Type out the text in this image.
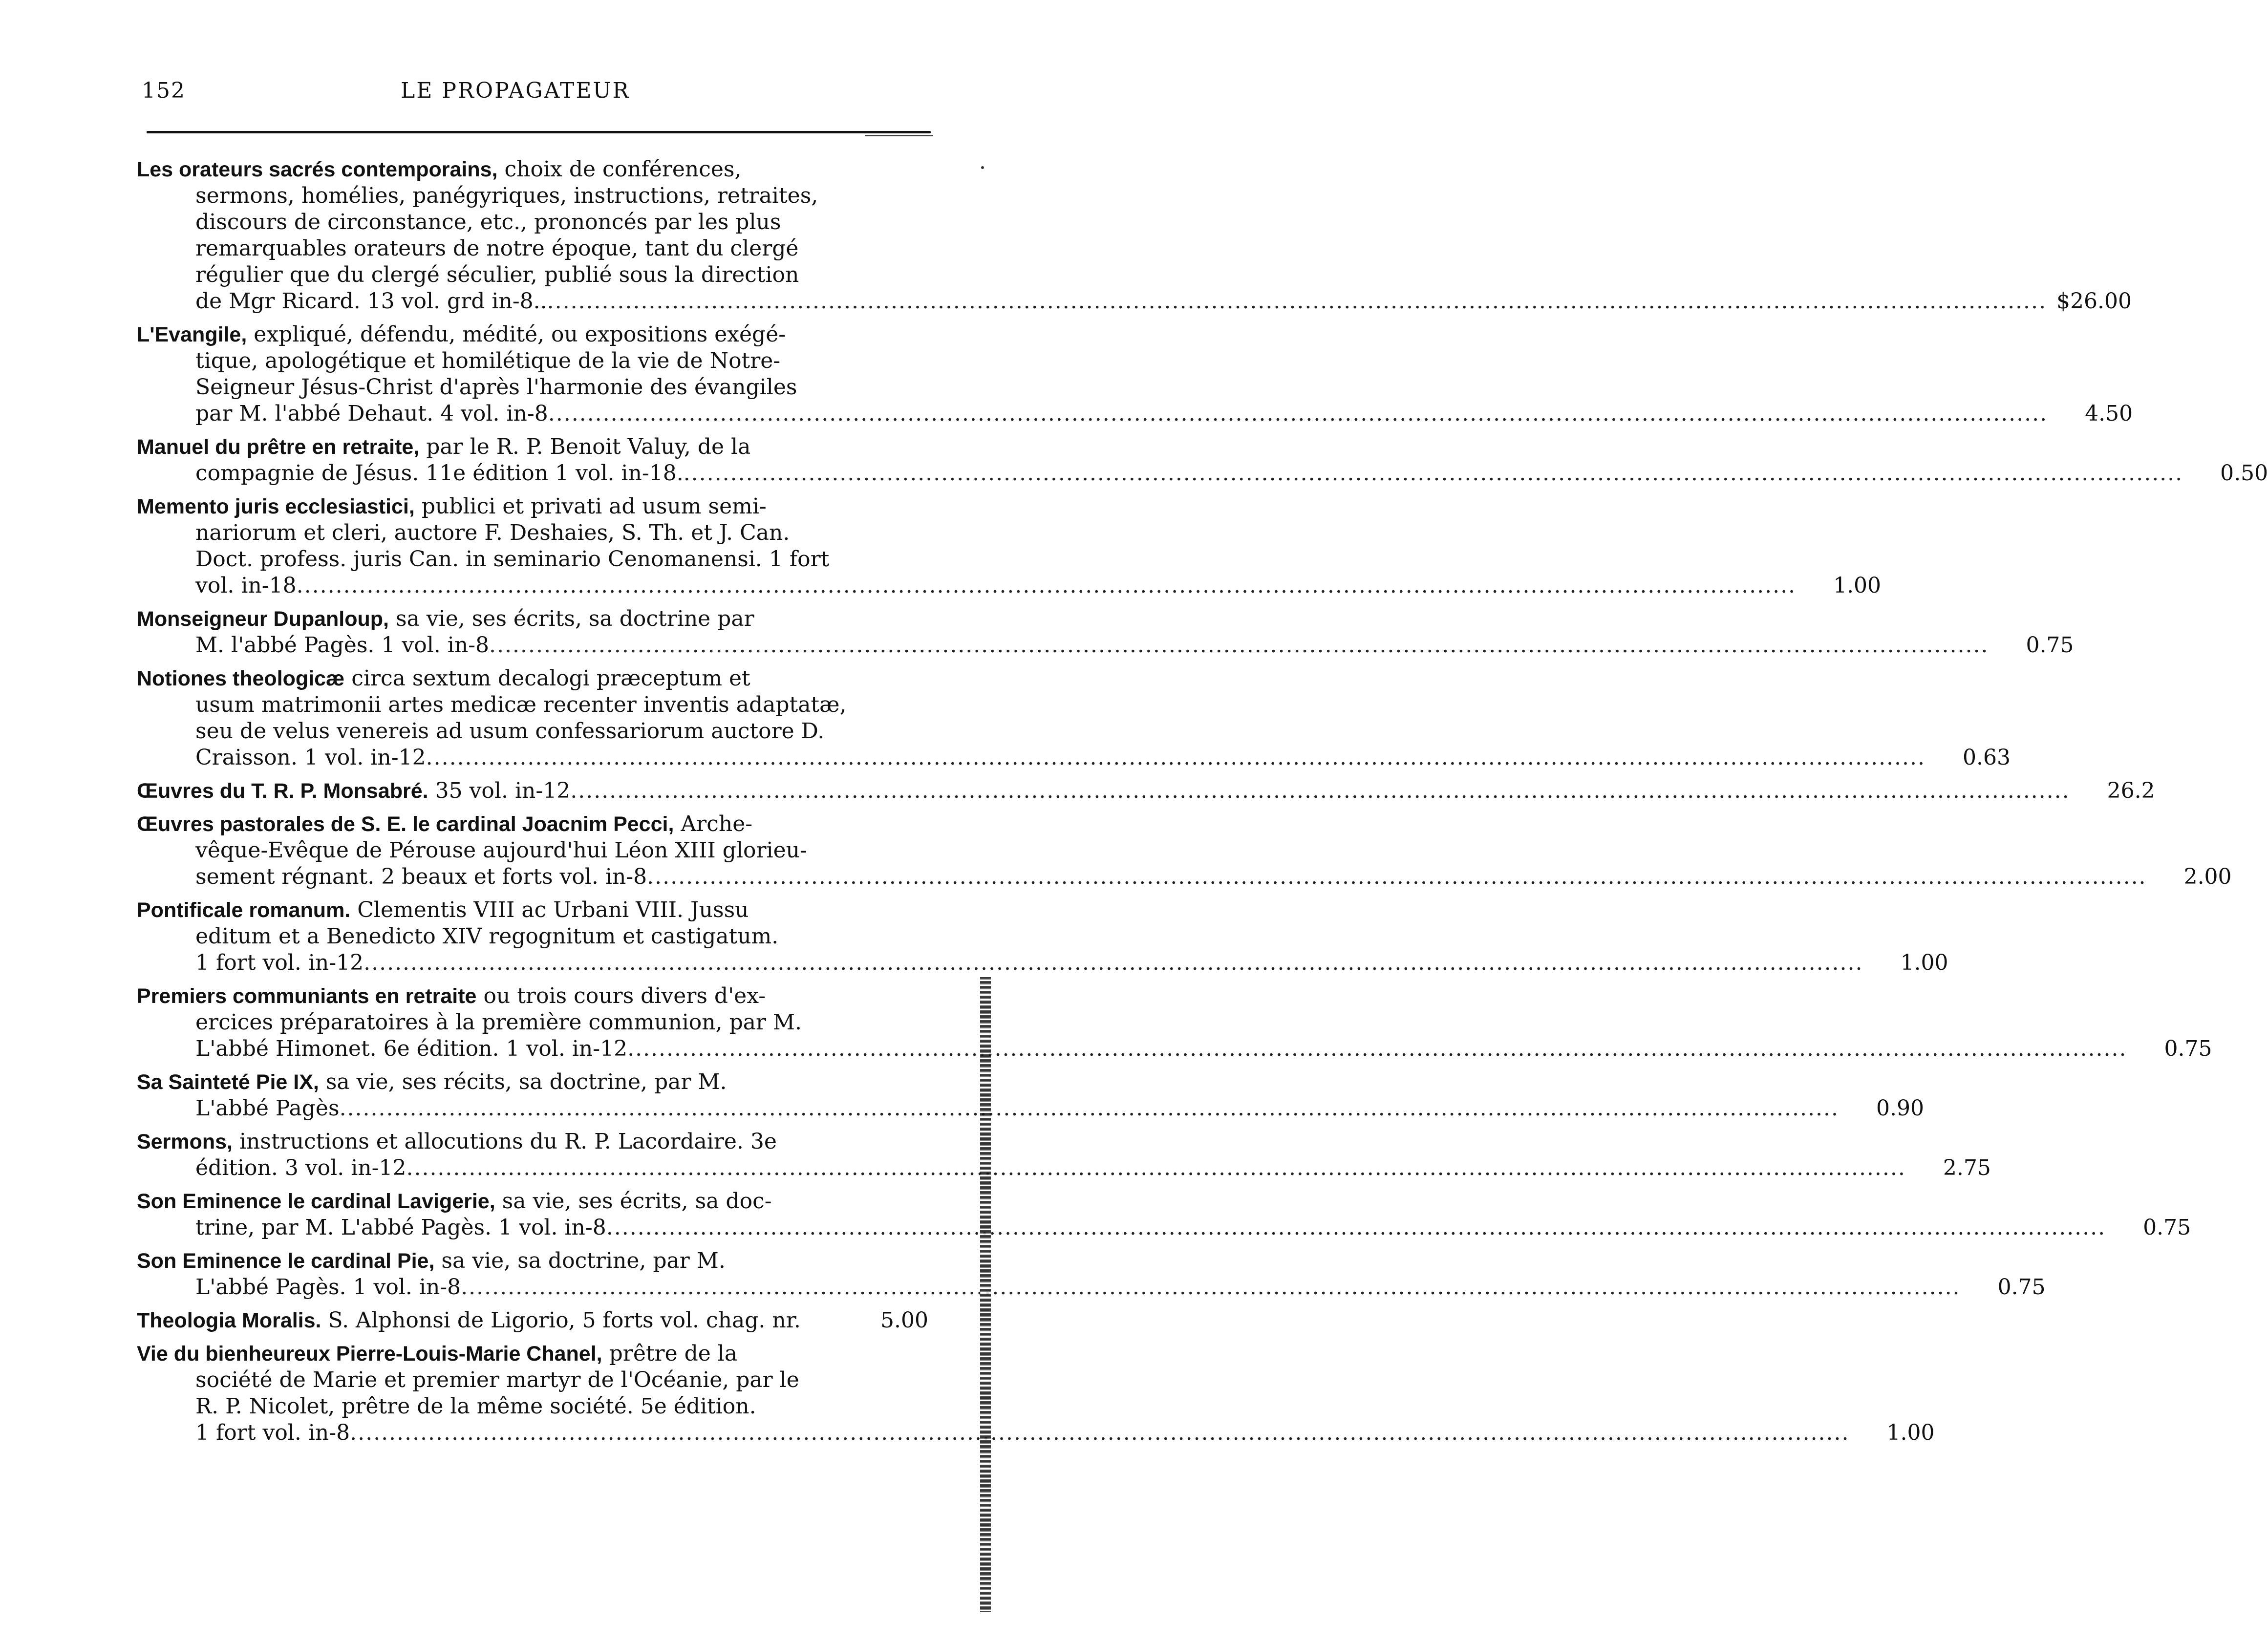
152	LE PROPAGATEUR
Les orateurs sacrés contemporains, choix de conférences,
sermons, homélies, panégyriques, instructions, retraites,
discours de circonstance, etc., prononcés par les plus
remarquables orateurs de notre époque, tant du clergé
régulier que du clergé séculier, publié sous la direction
de Mgr Ricard. 13 vol. grd in-8.. .....	$26.00
L'Evangile, expliqué, défendu, médité, ou expositions exégé-
tique, apologétique et homilétique de la vie de Notre-
Seigneur Jésus-Christ d'après l'harmonie des évangiles
par M. l'abbé Dehaut. 4 vol. in-8 .....	4.50
Manuel du prêtre en retraite, par le R. P. Benoit Valuy, de la
compagnie de Jésus. 11e édition 1 vol. in-18. .....	0.50
Memento juris ecclesiastici, publici et privati ad usum semi-
nariorum et cleri, auctore F. Deshaies, S. Th. et J. Can.
Doct. profess. juris Can. in seminario Cenomanensi. 1 fort
vol. in-18 .....	1.00
Monseigneur Dupanloup, sa vie, ses écrits, sa doctrine par
M. l'abbé Pagès. 1 vol. in-8 .....	0.75
Notiones theologicæ circa sextum decalogi præceptum et
usum matrimonii artes medicæ recenter inventis adaptatæ,
seu de velus venereis ad usum confessariorum auctore D.
Craisson. 1 vol. in-12 .....	0.63
Œuvres du T. R. P. Monsabré. 35 vol. in-12 .....	26.2
Œuvres pastorales de S. E. le cardinal Joacnim Pecci, Arche-
vêque-Evêque de Pérouse aujourd'hui Léon XIII glorieu-
sement régnant. 2 beaux et forts vol. in-8 .....	2.00
Pontificale romanum. Clementis VIII ac Urbani VIII. Jussu
editum et a Benedicto XIV regognitum et castigatum.
1 fort vol. in-12 .....	1.00
Premiers communiants en retraite ou trois cours divers d'ex-
ercices préparatoires à la première communion, par M.
L'abbé Himonet. 6e édition. 1 vol. in-12 .....	0.75
Sa Sainteté Pie IX, sa vie, ses récits, sa doctrine, par M.
L'abbé Pagès .....	0.90
Sermons, instructions et allocutions du R. P. Lacordaire. 3e
édition. 3 vol. in-12 .....	2.75
Son Eminence le cardinal Lavigerie, sa vie, ses écrits, sa doc-
trine, par M. L'abbé Pagès. 1 vol. in-8 .....	0.75
Son Eminence le cardinal Pie, sa vie, sa doctrine, par M.
L'abbé Pagès. 1 vol. in-8 .....	0.75
Theologia Moralis. S. Alphonsi de Ligorio, 5 forts vol. chag. nr.	5.00
Vie du bienheureux Pierre-Louis-Marie Chanel, prêtre de la
société de Marie et premier martyr de l'Océanie, par le
R. P. Nicolet, prêtre de la même société. 5e édition.
1 fort vol. in-8 .....	1.00
